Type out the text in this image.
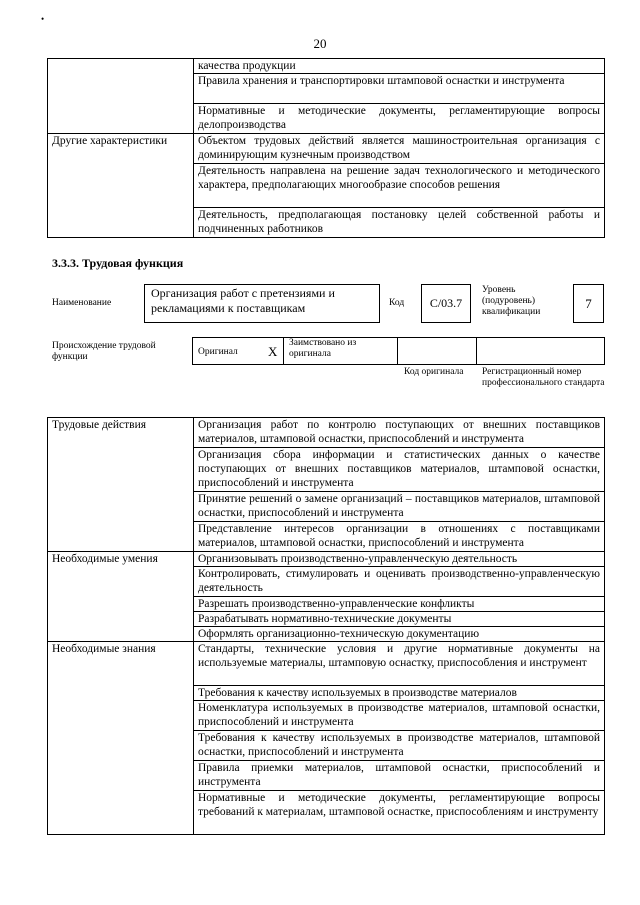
•
20
	качества продукции
	Правила хранения и транспортировки штамповой оснастки и инструмента
	Нормативные и методические документы, регламентирующие вопросы делопроизводства
Другие характеристики	Объектом трудовых действий является машиностроительная организация с доминирующим кузнечным производством
	Деятельность направлена на решение задач технологического и методического характера, предполагающих многообразие способов решения
	Деятельность, предполагающая постановку целей собственной работы и подчиненных работников
3.3.3. Трудовая функция
Наименование
Организация работ с претензиями и рекламациями к поставщикам	Код	C/03.7
Уровень (подуровень) квалификации
7
Происхождение трудовой функции	Оригинал X
Заимствовано из оригинала
Код оригинала Регистрационный номер профессионального стандарта
Трудовые действия	Организация работ по контролю поступающих от внешних поставщиков материалов, штамповой оснастки, приспособлений и инструмента
	Организация сбора информации и статистических данных о качестве поступающих от внешних поставщиков материалов, штамповой оснастки, приспособлений и инструмента
	Принятие решений о замене организаций – поставщиков материалов, штамповой оснастки, приспособлений и инструмента
	Представление интересов организации в отношениях с поставщиками материалов, штамповой оснастки, приспособлений и инструмента
Необходимые умения	Организовывать производственно-управленческую деятельность
	Контролировать, стимулировать и оценивать производственно-управленческую деятельность
	Разрешать производственно-управленческие конфликты
	Разрабатывать нормативно-технические документы
	Оформлять организационно-техническую документацию
Необходимые знания	Стандарты, технические условия и другие нормативные документы на используемые материалы, штамповую оснастку, приспособления и инструмент
	Требования к качеству используемых в производстве материалов
	Номенклатура используемых в производстве материалов, штамповой оснастки, приспособлений и инструмента
	Требования к качеству используемых в производстве материалов, штамповой оснастки, приспособлений и инструмента
	Правила приемки материалов, штамповой оснастки, приспособлений и инструмента
	Нормативные и методические документы, регламентирующие вопросы требований к материалам, штамповой оснастке, приспособлениям и инструменту
